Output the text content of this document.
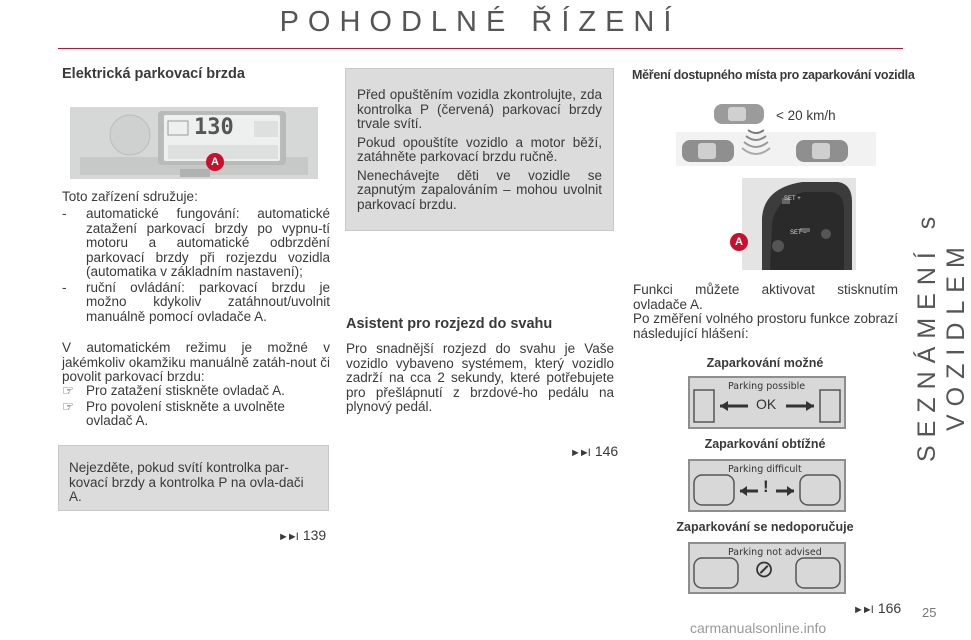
POHODLNÉ ŘÍZENÍ
SEZNÁMENÍ s VOZIDLEM
25
carmanualsonline.info
Elektrická parkovací brzda
130
A
Toto zařízení sdružuje:
- automatické fungování: automatické zatažení parkovací brzdy po vypnu-tí motoru a automatické odbrzdění parkovací brzdy při rozjezdu vozidla (automatika v základním nastavení);
- ruční ovládání: parkovací brzdu je možno kdykoliv zatáhnout/uvolnit manuálně pomocí ovladače A.
V automatickém režimu je možné v jakémkoliv okamžiku manuálně zatáh-nout či povolit parkovací brzdu:
☞ Pro zatažení stiskněte ovladač A.
☞ Pro povolení stiskněte a uvolněte ovladač A.
Nejezděte, pokud svítí kontrolka par-kovací brzdy a kontrolka P na ovla-dači A.
►►I 139

Před opuštěním vozidla zkontrolujte, zda kontrolka P (červená) parkovací brzdy trvale svítí.

Pokud opouštíte vozidlo a motor běží, zatáhněte parkovací brzdu ručně.

Nenechávejte děti ve vozidle se zapnutým zapalováním – mohou uvolnit parkovací brzdu.

Asistent pro rozjezd do svahu
Pro snadnější rozjezd do svahu je Vaše vozidlo vybaveno systémem, který vozidlo zadrží na cca 2 sekundy, které potřebujete pro přešlápnutí z brzdové-ho pedálu na plynový pedál.
►►I 146
Měření dostupného místa pro zaparkování vozidla
< 20 km/h
SET +
SET –
A
Funkci můžete aktivovat stisknutím ovladače A.
Po změření volného prostoru funkce zobrazí následující hlášení:
Zaparkování možné
Parking possible
OK
Zaparkování obtížné
Parking difficult
!
Zaparkování se nedoporučuje
Parking not advised
⊘
►►I 166
